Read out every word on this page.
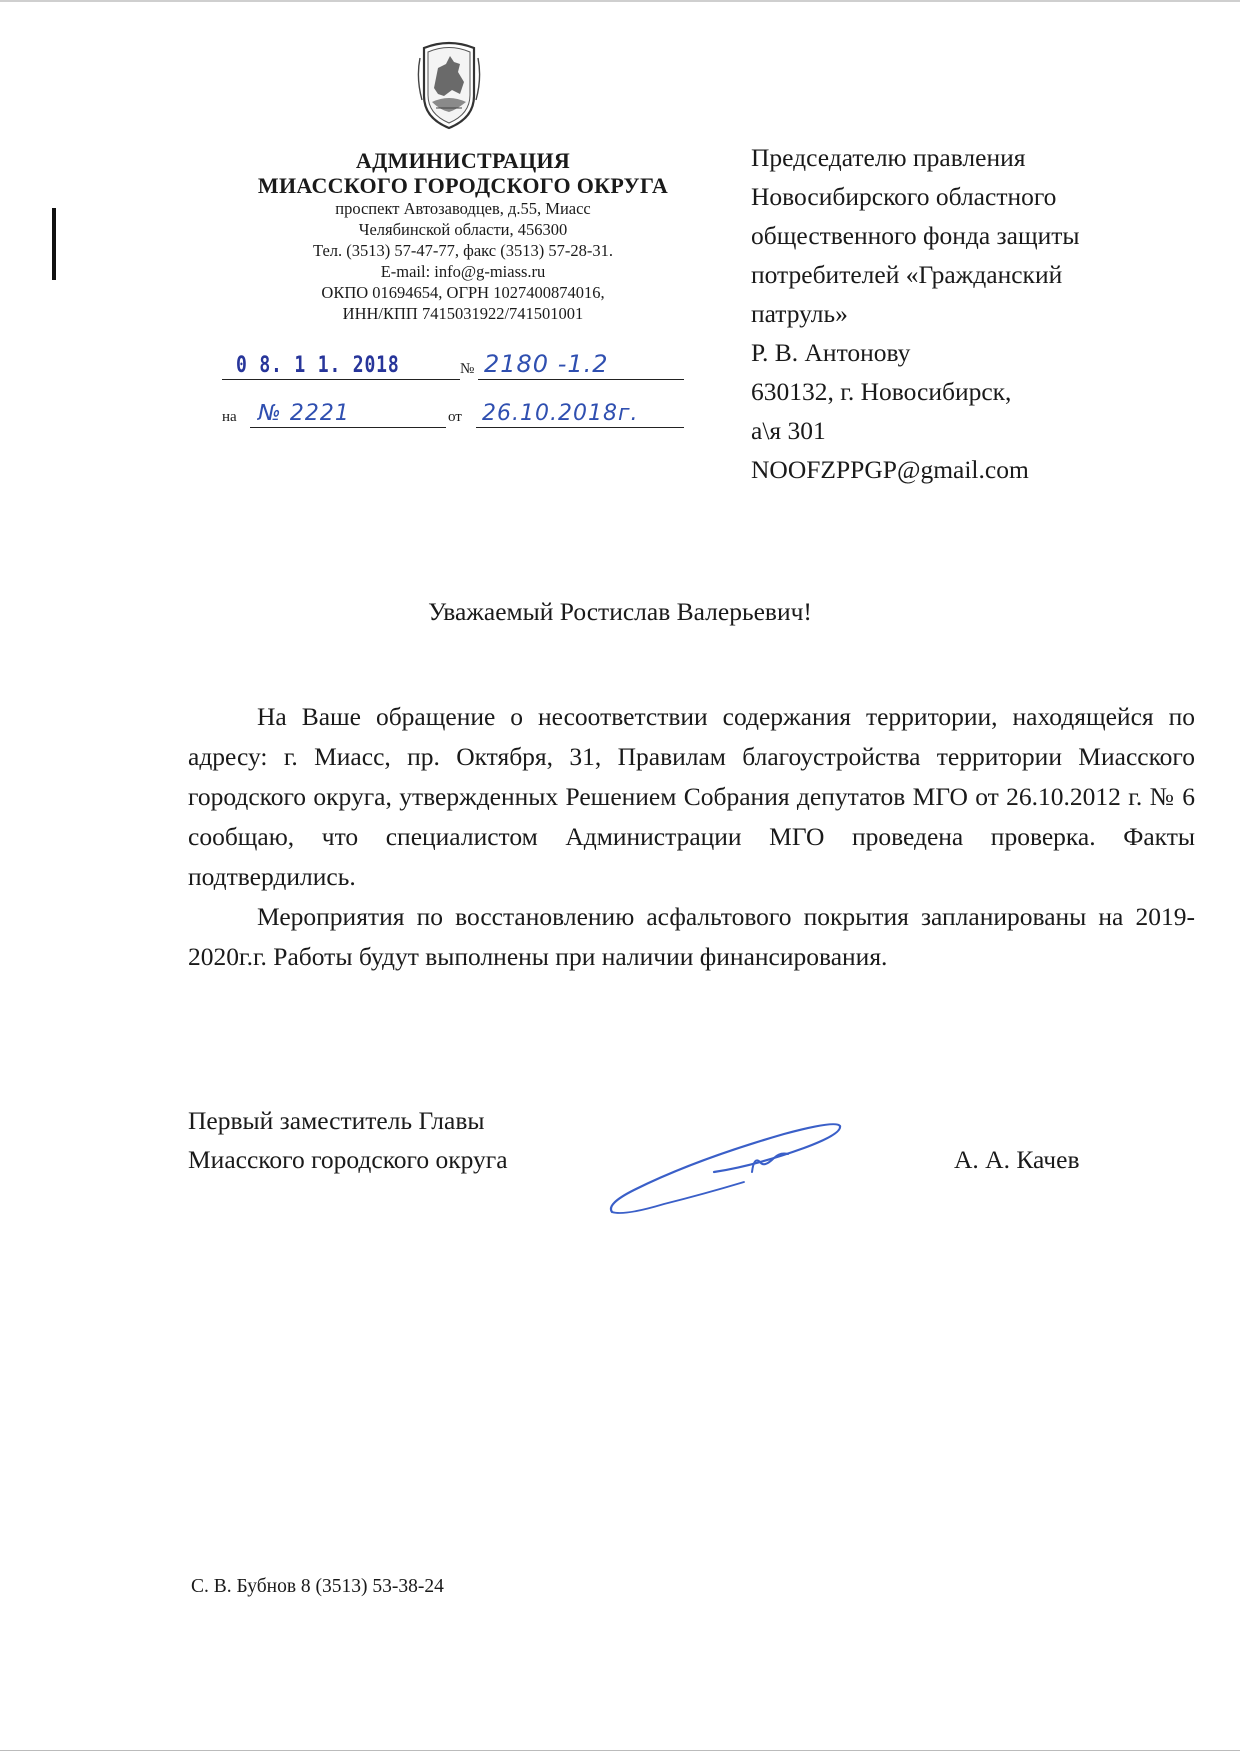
АДМИНИСТРАЦИЯ
МИАССКОГО ГОРОДСКОГО ОКРУГА
проспект Автозаводцев, д.55, Миасс
Челябинской области, 456300
Тел. (3513) 57-47-77, факс (3513) 57-28-31.
E-mail: info@g-miass.ru
ОКПО 01694654, ОГРН 1027400874016,
ИНН/КПП 7415031922/741501001
0 8. 1 1. 2018	№ 2180 -1.2
на № 2221	от 26.10.2018г.
Председателю правления
Новосибирского областного
общественного фонда защиты
потребителей «Гражданский
патруль»
Р. В. Антонову
630132, г. Новосибирск,
а\я 301
NOOFZPPGP@gmail.com
Уважаемый Ростислав Валерьевич!

На Ваше обращение о несоответствии содержания территории, находящейся по адресу: г. Миасс, пр. Октября, 31, Правилам благоустройства территории Миасского городского округа, утвержденных Решением Собрания депутатов МГО от 26.10.2012 г. № 6 сообщаю, что специалистом Администрации МГО проведена проверка. Факты подтвердились.

Мероприятия по восстановлению асфальтового покрытия запланированы на 2019-2020г.г. Работы будут выполнены при наличии финансирования.

Первый заместитель Главы
Миасского городского округа	А. А. Качев
С. В. Бубнов 8 (3513) 53-38-24
